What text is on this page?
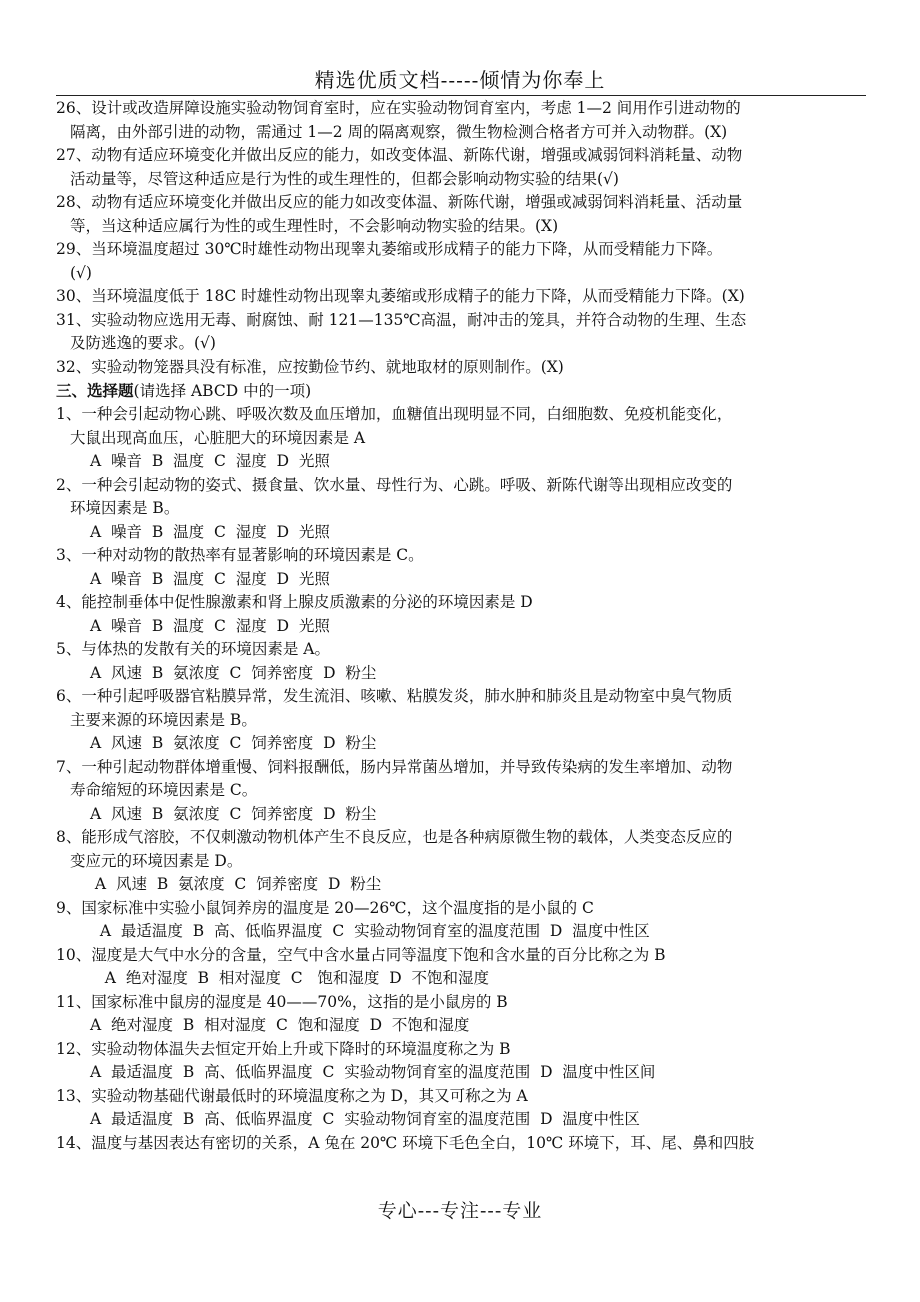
精选优质文档-----倾情为你奉上
26、设计或改造屏障设施实验动物饲育室时，应在实验动物饲育室内，考虑 1—2 间用作引进动物的
隔离，由外部引进的动物，需通过 1—2 周的隔离观察，微生物检测合格者方可并入动物群。(X)
27、动物有适应环境变化并做出反应的能力，如改变体温、新陈代谢，增强或减弱饲料消耗量、动物
活动量等，尽管这种适应是行为性的或生理性的，但都会影响动物实验的结果(√)
28、动物有适应环境变化并做出反应的能力如改变体温、新陈代谢，增强或减弱饲料消耗量、活动量
等，当这种适应属行为性的或生理性时，不会影响动物实验的结果。(X)
29、当环境温度超过 30℃时雄性动物出现睾丸萎缩或形成精子的能力下降，从而受精能力下降。
(√)
30、当环境温度低于 18C 时雄性动物出现睾丸萎缩或形成精子的能力下降，从而受精能力下降。(X)
31、实验动物应选用无毒、耐腐蚀、耐 121—135℃高温，耐冲击的笼具，并符合动物的生理、生态
及防逃逸的要求。(√)
32、实验动物笼器具没有标准，应按勤俭节约、就地取材的原则制作。(X)
三、选择题(请选择 ABCD 中的一项)
1、一种会引起动物心跳、呼吸次数及血压增加，血糖值出现明显不同，白细胞数、免疫机能变化，
大鼠出现高血压，心脏肥大的环境因素是 A
A  噪音  B  温度  C  湿度  D  光照
2、一种会引起动物的姿式、摄食量、饮水量、母性行为、心跳。呼吸、新陈代谢等出现相应改变的
环境因素是 B。
A  噪音  B  温度  C  湿度  D  光照
3、一种对动物的散热率有显著影响的环境因素是 C。
A  噪音  B  温度  C  湿度  D  光照
4、能控制垂体中促性腺激素和肾上腺皮质激素的分泌的环境因素是 D
A  噪音  B  温度  C  湿度  D  光照
5、与体热的发散有关的环境因素是 A。
A  风速  B  氨浓度  C  饲养密度  D  粉尘
6、一种引起呼吸器官粘膜异常，发生流泪、咳嗽、粘膜发炎，肺水肿和肺炎且是动物室中臭气物质
主要来源的环境因素是 B。
A  风速  B  氨浓度  C  饲养密度  D  粉尘
7、一种引起动物群体增重慢、饲料报酬低，肠内异常菌丛增加，并导致传染病的发生率增加、动物
寿命缩短的环境因素是 C。
A  风速  B  氨浓度  C  饲养密度  D  粉尘
8、能形成气溶胶，不仅刺激动物机体产生不良反应，也是各种病原微生物的载体，人类变态反应的
变应元的环境因素是 D。
A  风速  B  氨浓度  C  饲养密度  D  粉尘
9、国家标准中实验小鼠饲养房的温度是 20—26℃，这个温度指的是小鼠的 C
A  最适温度  B  高、低临界温度  C  实验动物饲育室的温度范围  D  温度中性区
10、湿度是大气中水分的含量，空气中含水量占同等温度下饱和含水量的百分比称之为 B
A  绝对湿度  B  相对湿度  C   饱和湿度  D  不饱和湿度
11、国家标准中鼠房的湿度是 40——70%，这指的是小鼠房的 B
A  绝对湿度  B  相对湿度  C  饱和湿度  D  不饱和湿度
12、实验动物体温失去恒定开始上升或下降时的环境温度称之为 B
A  最适温度  B  高、低临界温度  C  实验动物饲育室的温度范围  D  温度中性区间
13、实验动物基础代谢最低时的环境温度称之为 D，其又可称之为 A
A  最适温度  B  高、低临界温度  C  实验动物饲育室的温度范围  D  温度中性区
14、温度与基因表达有密切的关系，A 兔在 20℃ 环境下毛色全白，10℃ 环境下，耳、尾、鼻和四肢
专心---专注---专业
